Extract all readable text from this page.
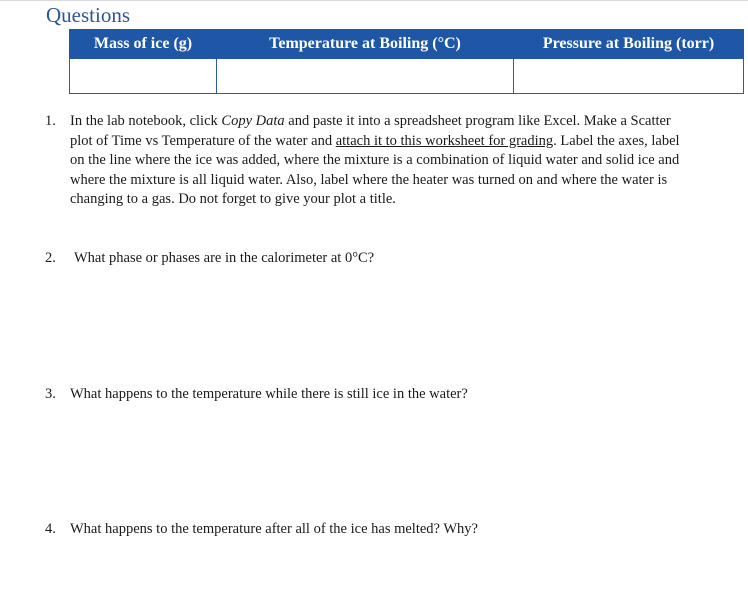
Questions
Mass of ice (g)	Temperature at Boiling (°C)	Pressure at Boiling (torr)

1. In the lab notebook, click Copy Data and paste it into a spreadsheet program like Excel. Make a Scatter plot of Time vs Temperature of the water and attach it to this worksheet for grading. Label the axes, label on the line where the ice was added, where the mixture is a combination of liquid water and solid ice and where the mixture is all liquid water. Also, label where the heater was turned on and where the water is changing to a gas. Do not forget to give your plot a title.
2. What phase or phases are in the calorimeter at 0°C?
3. What happens to the temperature while there is still ice in the water?
4. What happens to the temperature after all of the ice has melted? Why?
